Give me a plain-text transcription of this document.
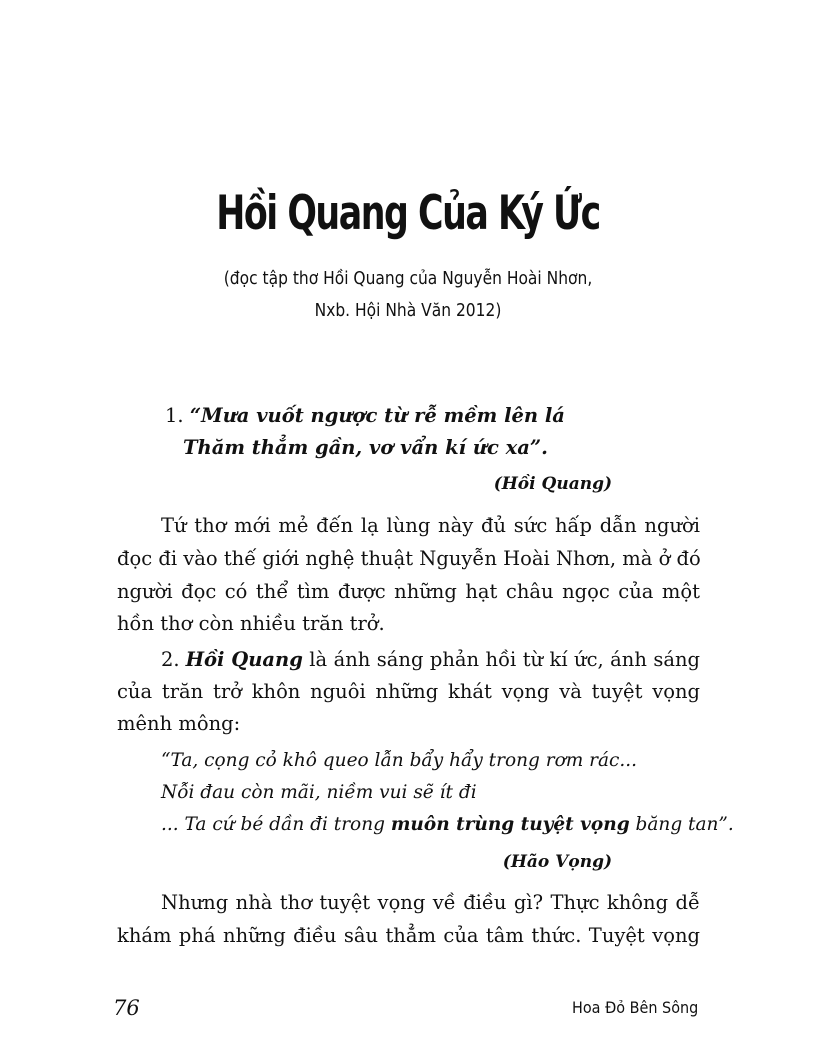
Hồi Quang Của Ký Ức
(đọc tập thơ Hồi Quang của Nguyễn Hoài Nhơn,
Nxb. Hội Nhà Văn 2012)
1. “Mưa vuốt ngược từ rễ mềm lên lá
Thăm thẳm gần, vơ vẩn kí ức xa”.
(Hồi Quang)
Tứ thơ mới mẻ đến lạ lùng này đủ sức hấp dẫn người
đọc đi vào thế giới nghệ thuật Nguyễn Hoài Nhơn, mà ở đó
người đọc có thể tìm được những hạt châu ngọc của một
hồn thơ còn nhiều trăn trở.
2. Hồi Quang là ánh sáng phản hồi từ kí ức, ánh sáng
của trăn trở khôn nguôi những khát vọng và tuyệt vọng
mênh mông:
“Ta, cọng cỏ khô queo lẫn bẩy hẩy trong rơm rác...
Nỗi đau còn mãi, niềm vui sẽ ít đi
... Ta cứ bé dần đi trong muôn trùng tuyệt vọng băng tan”.
(Hão Vọng)
Nhưng nhà thơ tuyệt vọng về điều gì? Thực không dễ
khám phá những điều sâu thẳm của tâm thức. Tuyệt vọng
76	Hoa Đỏ Bên Sông
